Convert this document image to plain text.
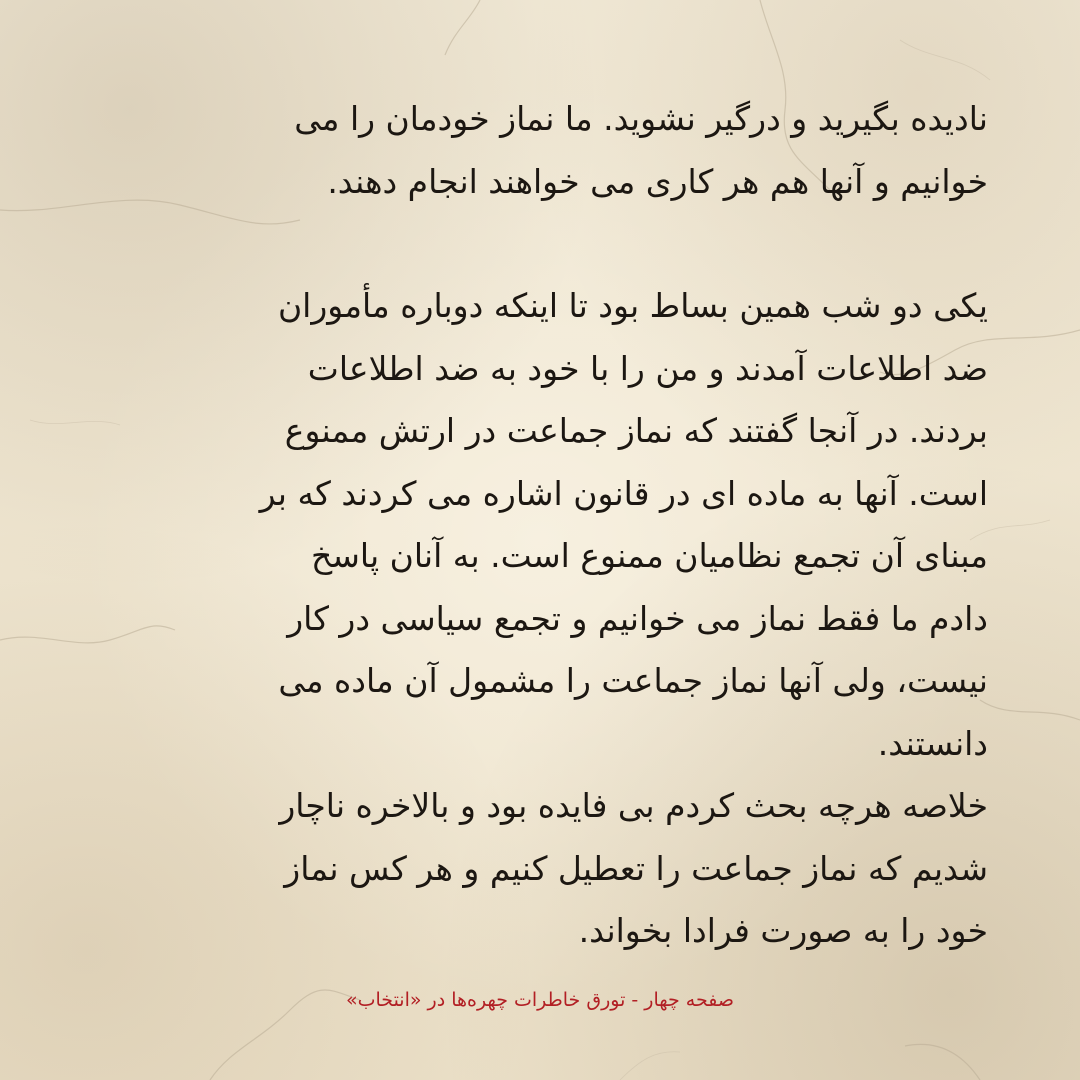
نادیده بگیرید و درگیر نشوید. ما نماز خودمان را می
خوانیم و آنها هم هر کاری می خواهند انجام دهند.

یکی دو شب همین بساط بود تا اینکه دوباره مأموران
ضد اطلاعات آمدند و من را با خود به ضد اطلاعات
بردند. در آنجا گفتند که نماز جماعت در ارتش ممنوع
است. آنها به ماده ای در قانون اشاره می کردند که بر
مبنای آن تجمع نظامیان ممنوع است. به آنان پاسخ
دادم ما فقط نماز می خوانیم و تجمع سیاسی در کار
نیست، ولی آنها نماز جماعت را مشمول آن ماده می
دانستند.

خلاصه هرچه بحث کردم بی فایده بود و بالاخره ناچار
شدیم که نماز جماعت را تعطیل کنیم و هر کس نماز
خود را به صورت فرادا بخواند.

صفحه چهار - تورق خاطرات چهره‌ها در «انتخاب»
